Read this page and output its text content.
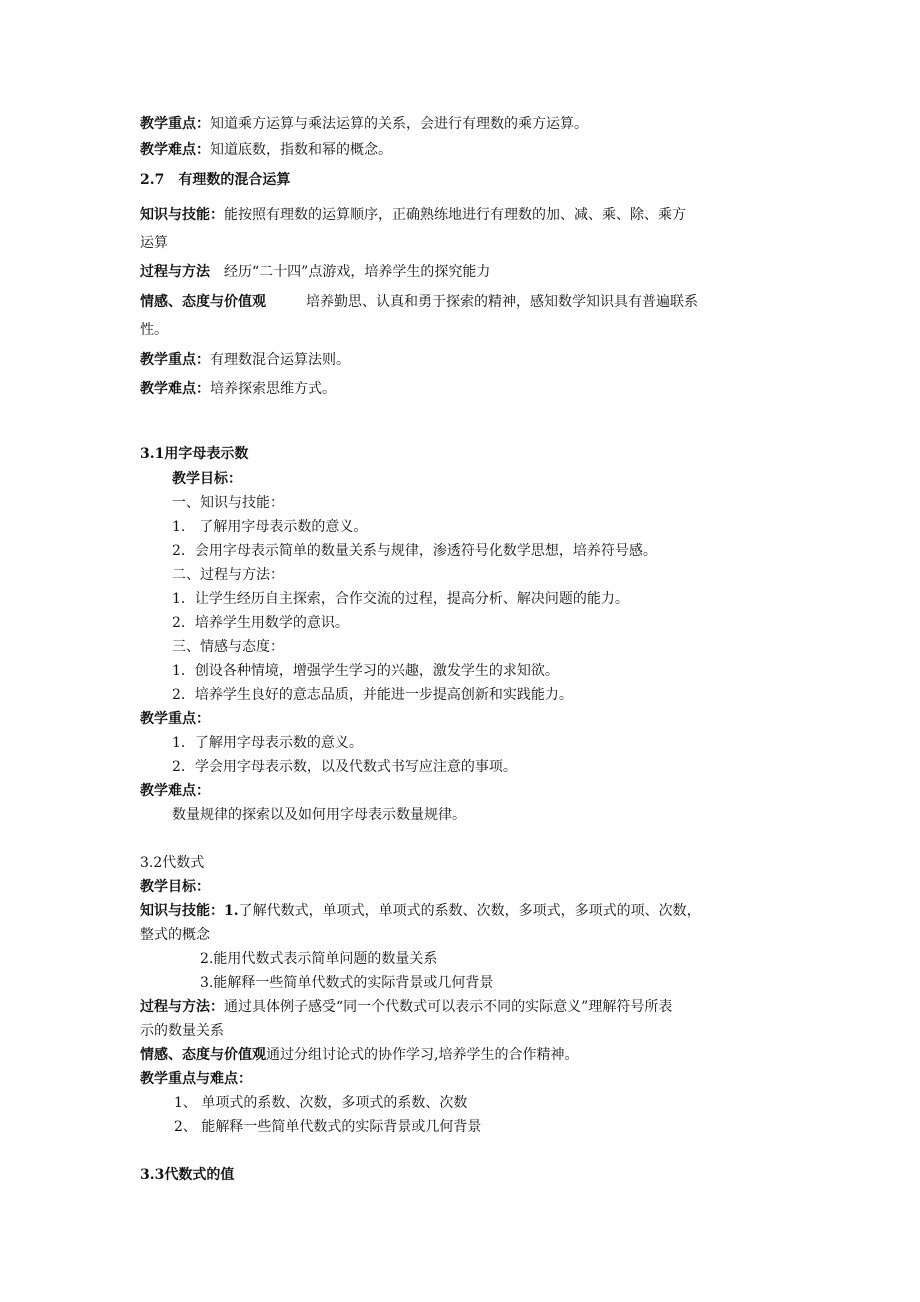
教学重点：知道乘方运算与乘法运算的关系，会进行有理数的乘方运算。
教学难点：知道底数，指数和幂的概念。
2.7　有理数的混合运算
知识与技能：能按照有理数的运算顺序，正确熟练地进行有理数的加、减、乘、除、乘方
运算
过程与方法 经历“二十四”点游戏，培养学生的探究能力
情感、态度与价值观	培养勤思、认真和勇于探索的精神，感知数学知识具有普遍联系
性。
教学重点：有理数混合运算法则。
教学难点：培养探索思维方式。
3.1用字母表示数
教学目标：
一、知识与技能：
1.　了解用字母表示数的意义。
2．会用字母表示简单的数量关系与规律，渗透符号化数学思想，培养符号感。
二、过程与方法：
1．让学生经历自主探索，合作交流的过程，提高分析、解决问题的能力。
2．培养学生用数学的意识。
三、情感与态度：
1．创设各种情境，增强学生学习的兴趣，激发学生的求知欲。
2．培养学生良好的意志品质，并能进一步提高创新和实践能力。
教学重点：
1．了解用字母表示数的意义。
2．学会用字母表示数，以及代数式书写应注意的事项。
教学难点：
数量规律的探索以及如何用字母表示数量规律。
3.2代数式
教学目标：
知识与技能：1.了解代数式，单项式，单项式的系数、次数，多项式，多项式的项、次数，
整式的概念
2.能用代数式表示简单问题的数量关系
3.能解释一些简单代数式的实际背景或几何背景
过程与方法：通过具体例子感受“同一个代数式可以表示不同的实际意义”理解符号所表
示的数量关系
情感、态度与价值观通过分组讨论式的协作学习,培养学生的合作精神。
教学重点与难点：
1、 单项式的系数、次数，多项式的系数、次数
2、 能解释一些简单代数式的实际背景或几何背景
3.3代数式的值
